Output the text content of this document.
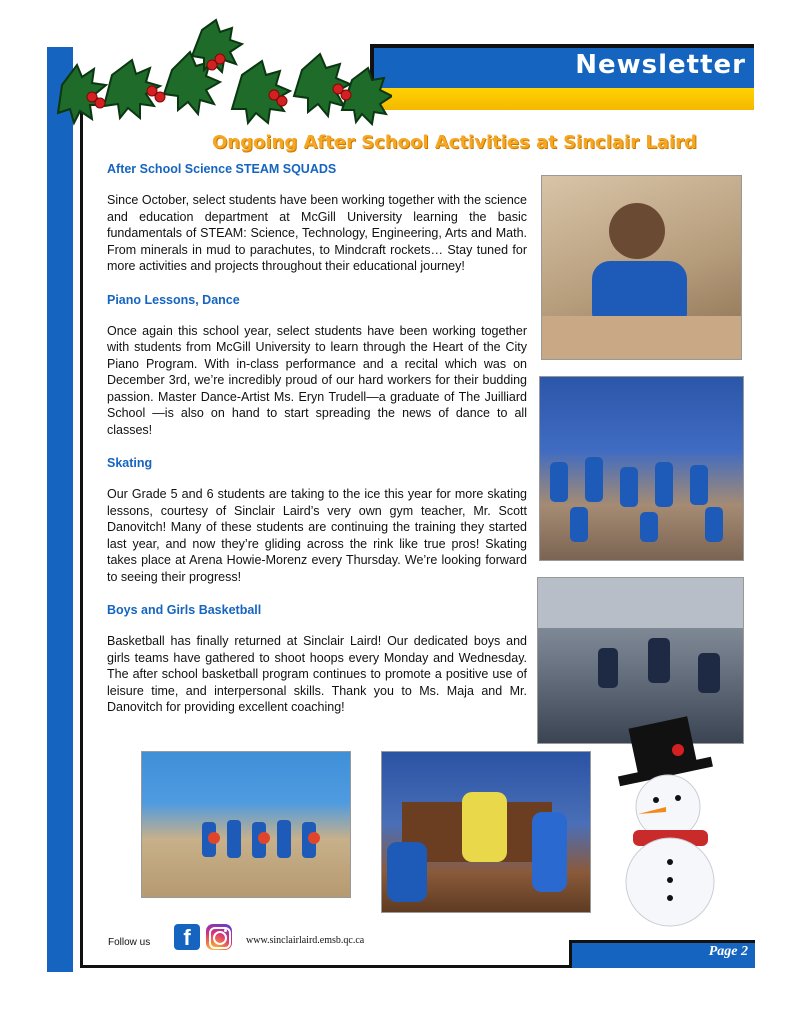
Newsletter
Ongoing After School Activities at Sinclair Laird
After School Science STEAM SQUADS

Since October, select students have been working together with the science and education department at McGill University learning the basic fundamentals of STEAM: Science, Technology, Engineering, Arts and Math. From minerals in mud to parachutes, to Mindcraft rockets… Stay tuned for more activities and projects throughout their educational journey!

Piano Lessons, Dance

Once again this school year, select students have been working together with students from McGill University to learn through the Heart of the City Piano Program. With in-class performance and a recital which was on December 3rd, we’re incredibly proud of our hard workers for their budding passion. Master Dance-Artist Ms. Eryn Trudell—a graduate of The Juilliard School —is also on hand to start spreading the news of dance to all classes!

Skating

Our Grade 5 and 6 students are taking to the ice this year for more skating lessons, courtesy of Sinclair Laird’s very own gym teacher, Mr. Scott Danovitch! Many of these students are continuing the training they started last year, and now they’re gliding across the rink like true pros! Skating takes place at Arena Howie-Morenz every Thursday. We’re looking forward to seeing their progress!

Boys and Girls Basketball

Basketball has finally returned at Sinclair Laird! Our dedicated boys and girls teams have gathered to shoot hoops every Monday and Wednesday. The after school basketball program continues to promote a positive use of leisure time, and interpersonal skills. Thank you to Ms. Maja and Mr. Danovitch for providing excellent coaching!

Follow us	f	www.sinclairlaird.emsb.qc.ca
Page 2
